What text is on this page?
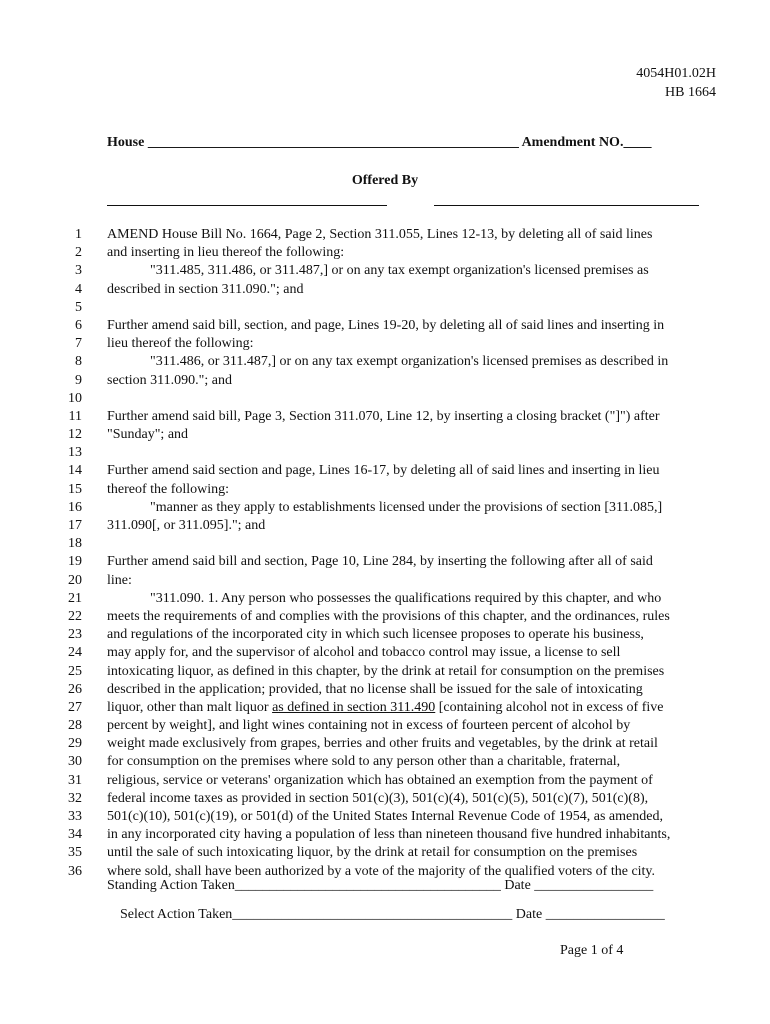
4054H01.02H
HB 1664
House _____________________________________________________ Amendment NO.____
Offered By
1 AMEND House Bill No. 1664, Page 2, Section 311.055, Lines 12-13, by deleting all of said lines
2 and inserting in lieu thereof the following:
3	"311.485, 311.486, or 311.487,] or on any tax exempt organization's licensed premises as
4 described in section 311.090."; and
5
6 Further amend said bill, section, and page, Lines 19-20, by deleting all of said lines and inserting in
7 lieu thereof the following:
8	"311.486, or 311.487,] or on any tax exempt organization's licensed premises as described in
9 section 311.090."; and
10
11 Further amend said bill, Page 3, Section 311.070, Line 12, by inserting a closing bracket ("]") after
12 "Sunday"; and
13
14 Further amend said section and page, Lines 16-17, by deleting all of said lines and inserting in lieu
15 thereof the following:
16	"manner as they apply to establishments licensed under the provisions of section [311.085,]
17 311.090[, or 311.095]."; and
18
19 Further amend said bill and section, Page 10, Line 284, by inserting the following after all of said
20 line:
21	"311.090. 1. Any person who possesses the qualifications required by this chapter, and who
22 meets the requirements of and complies with the provisions of this chapter, and the ordinances, rules
23 and regulations of the incorporated city in which such licensee proposes to operate his business,
24 may apply for, and the supervisor of alcohol and tobacco control may issue, a license to sell
25 intoxicating liquor, as defined in this chapter, by the drink at retail for consumption on the premises
26 described in the application; provided, that no license shall be issued for the sale of intoxicating
27 liquor, other than malt liquor as defined in section 311.490 [containing alcohol not in excess of five
28 percent by weight], and light wines containing not in excess of fourteen percent of alcohol by
29 weight made exclusively from grapes, berries and other fruits and vegetables, by the drink at retail
30 for consumption on the premises where sold to any person other than a charitable, fraternal,
31 religious, service or veterans' organization which has obtained an exemption from the payment of
32 federal income taxes as provided in section 501(c)(3), 501(c)(4), 501(c)(5), 501(c)(7), 501(c)(8),
33 501(c)(10), 501(c)(19), or 501(d) of the United States Internal Revenue Code of 1954, as amended,
34 in any incorporated city having a population of less than nineteen thousand five hundred inhabitants,
35 until the sale of such intoxicating liquor, by the drink at retail for consumption on the premises
36 where sold, shall have been authorized by a vote of the majority of the qualified voters of the city.
Standing Action Taken______________________________________ Date _________________
Select Action Taken________________________________________ Date _________________
Page 1 of 4
